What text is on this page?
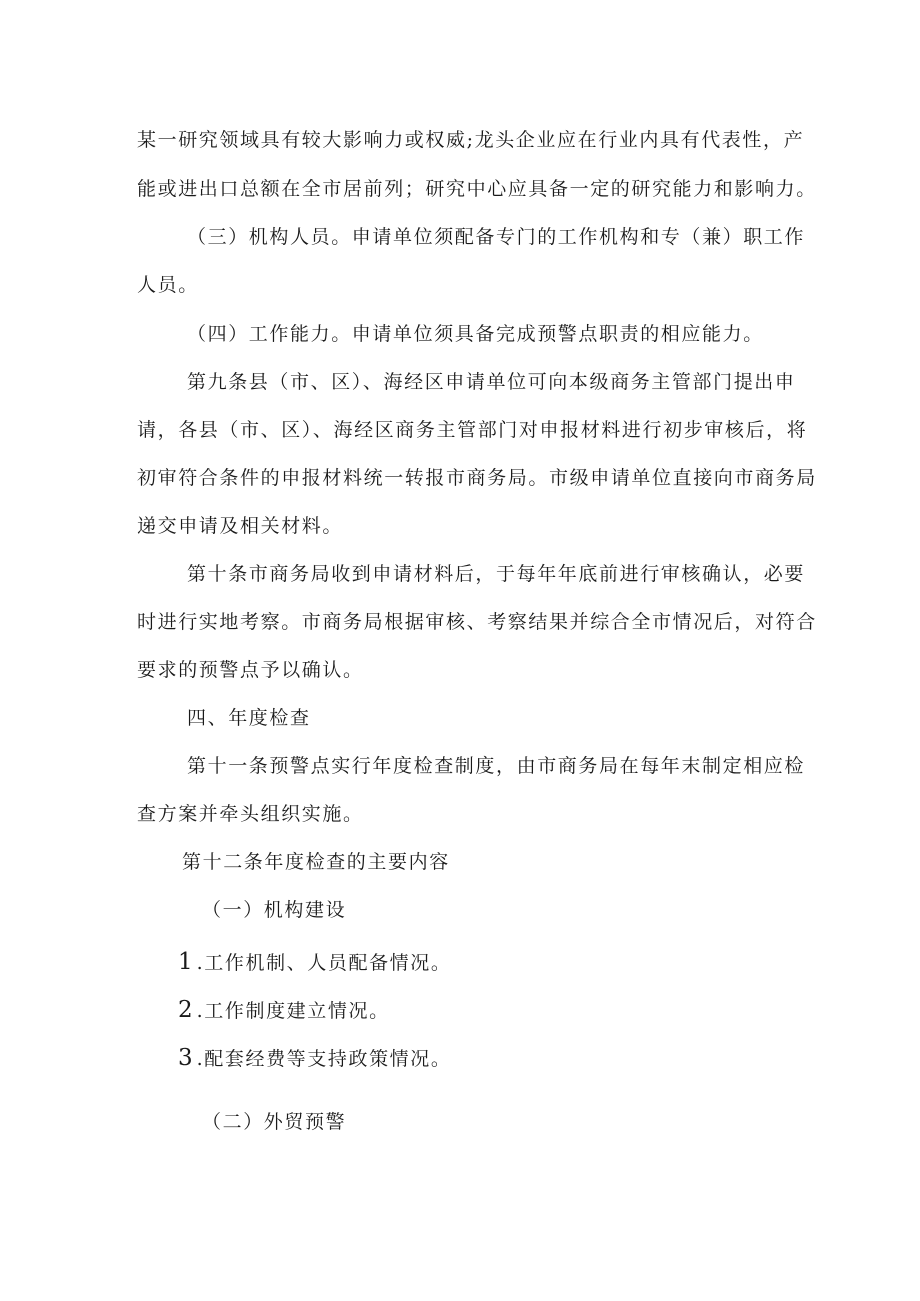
某一研究领域具有较大影响力或权威;龙头企业应在行业内具有代表性，产
能或进出口总额在全市居前列；研究中心应具备一定的研究能力和影响力。
（三）机构人员。申请单位须配备专门的工作机构和专（兼）职工作
人员。
（四）工作能力。申请单位须具备完成预警点职责的相应能力。
第九条县（市、区）、海经区申请单位可向本级商务主管部门提出申
请，各县（市、区）、海经区商务主管部门对申报材料进行初步审核后，将
初审符合条件的申报材料统一转报市商务局。市级申请单位直接向市商务局
递交申请及相关材料。
第十条市商务局收到申请材料后，于每年年底前进行审核确认，必要
时进行实地考察。市商务局根据审核、考察结果并综合全市情况后，对符合
要求的预警点予以确认。
四、年度检查
第十一条预警点实行年度检查制度，由市商务局在每年末制定相应检
查方案并牵头组织实施。
第十二条年度检查的主要内容
（一）机构建设
1 .工作机制、人员配备情况。
2 .工作制度建立情况。
3 .配套经费等支持政策情况。
（二）外贸预警
